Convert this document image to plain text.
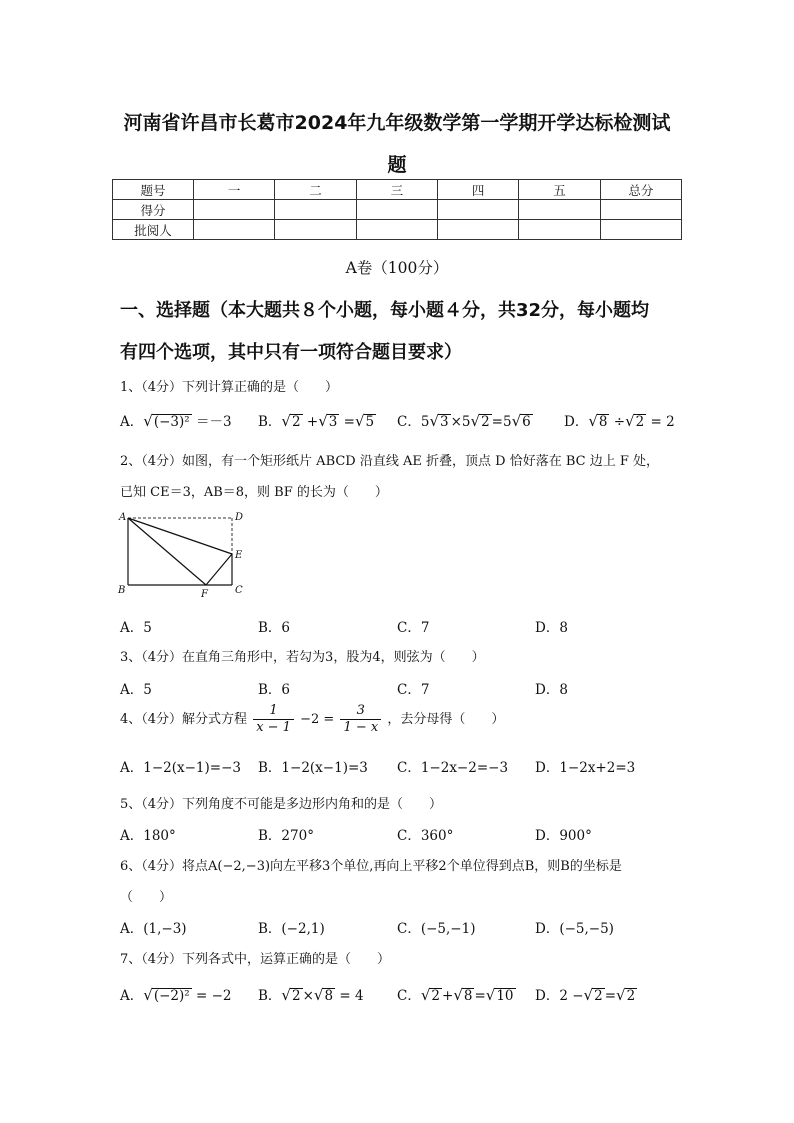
河南省许昌市长葛市2024年九年级数学第一学期开学达标检测试
题
题号	一	二	三	四	五	总分
得分						
批阅人						
A卷（100分）
一、选择题（本大题共８个小题，每小题４分，共32分，每小题均
有四个选项，其中只有一项符合题目要求）
1、（4分）下列计算正确的是（　　）
A．√(−3)² ＝－3 B．√2 +√3 =√5 C．5√3 ×5√2 =5√6 D．√8 ÷√2 = 2
2、（4分）如图，有一个矩形纸片 ABCD 沿直线 AE 折叠，顶点 D 恰好落在 BC 边上 F 处，
已知 CE＝3，AB＝8，则 BF 的长为（　　）
A	D
E
B	F	C
A．5	B．6	C．7	D．8
3、（4分）在直角三角形中，若勾为3，股为4，则弦为（　　）
A．5	B．6	C．7	D．8
4、（4分）解分式方程 $\frac{1}{x - 1} -2 = \frac{3}{1 - x}$ ，去分母得（　　）
A．1−2(x−1)=−3 B．1−2(x−1)=3 C．1−2x−2=−3 D．1−2x+2=3
5、（4分）下列角度不可能是多边形内角和的是（　　）
A．180°	B．270°	C．360°	D．900°
6、（4分）将点A(−2,−3)向左平移3个单位,再向上平移2个单位得到点B，则B的坐标是
（　　）
A．(1,−3)	B．(−2,1)	C．(−5,−1)	D．(−5,−5)
7、（4分）下列各式中，运算正确的是（　　）
A．√(−2)² = −2 B．√2 ×√8 = 4 C．√2 +√8 =√10 D．2 −√2 =√2
